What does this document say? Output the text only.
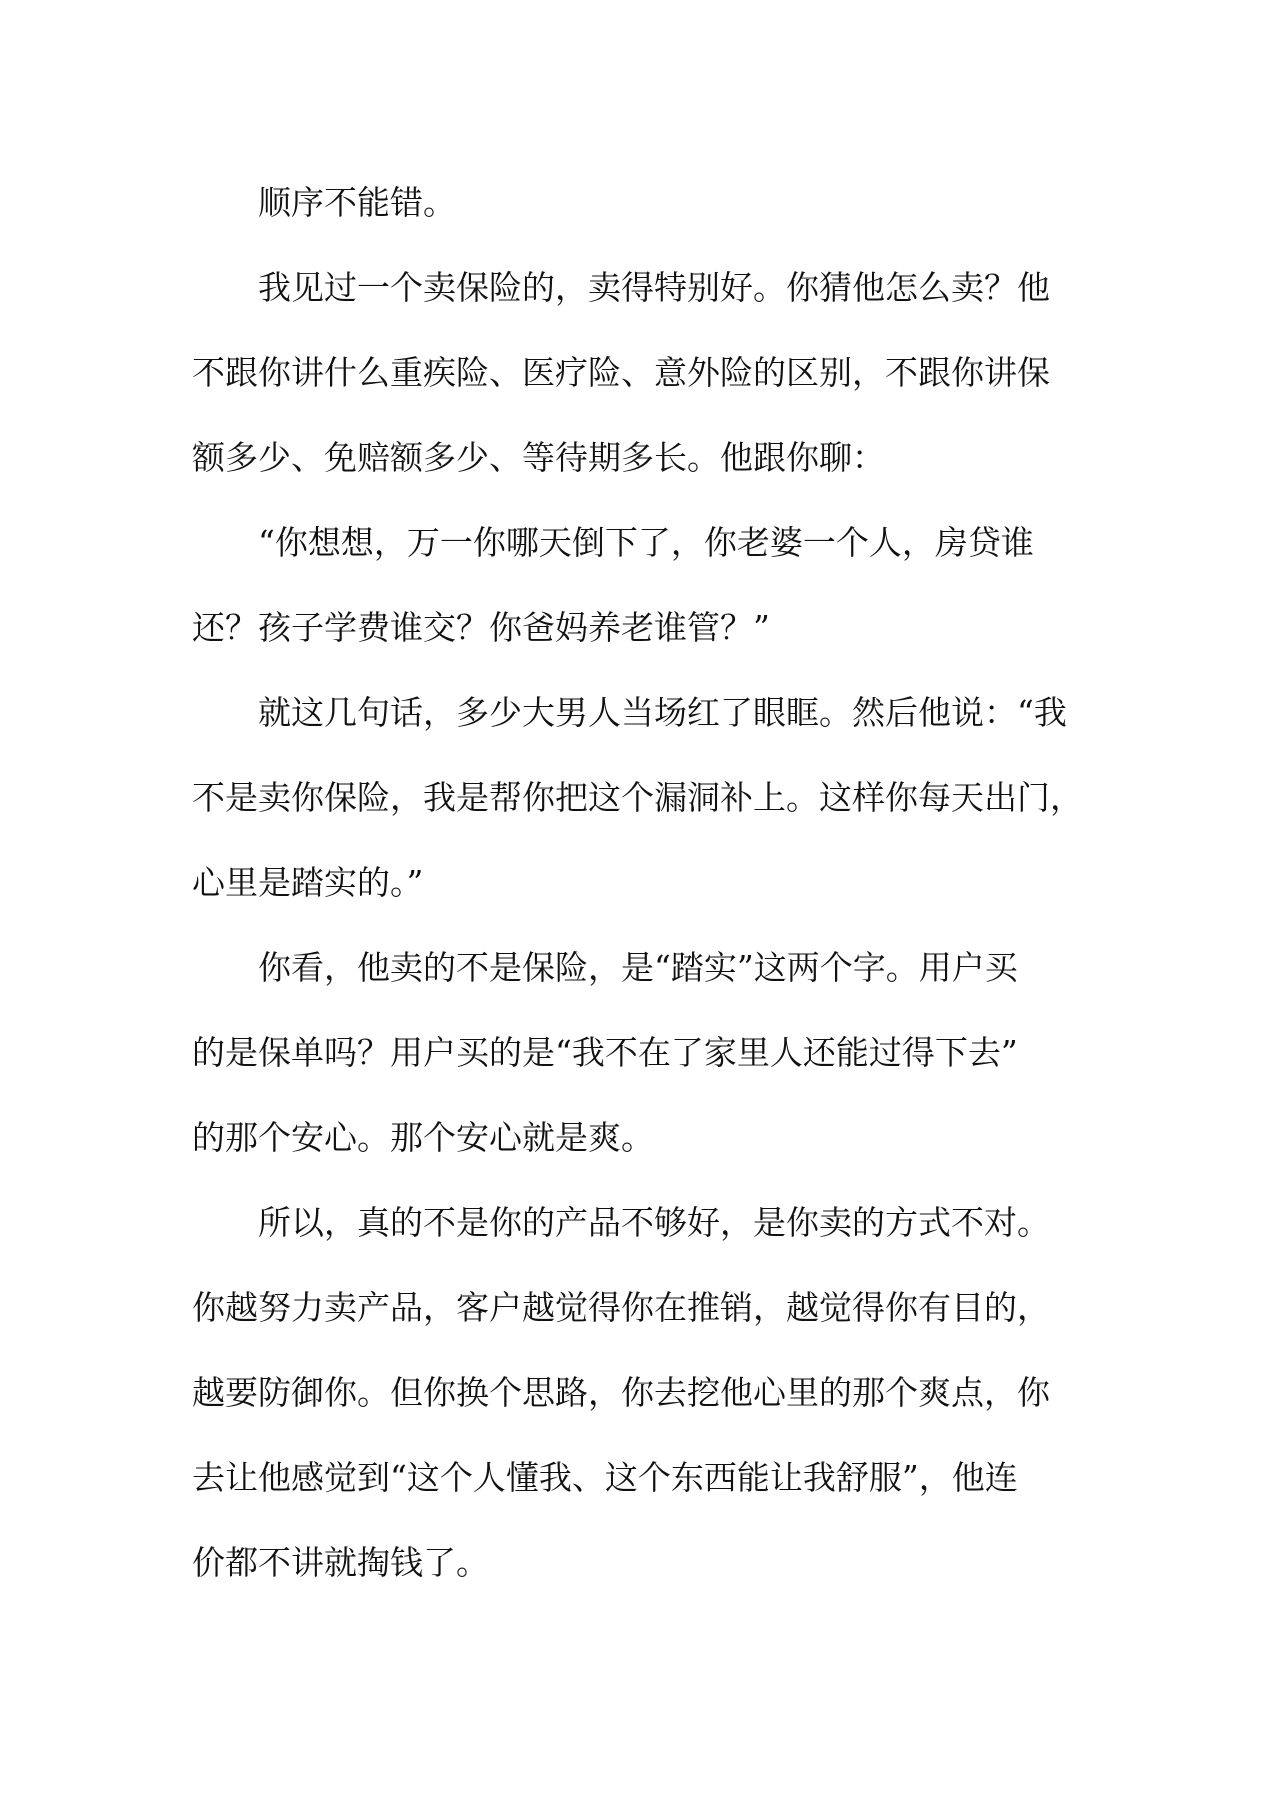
顺序不能错。

我见过一个卖保险的，卖得特别好。你猜他怎么卖？他
不跟你讲什么重疾险、医疗险、意外险的区别，不跟你讲保
额多少、免赔额多少、等待期多长。他跟你聊：

“你想想，万一你哪天倒下了，你老婆一个人，房贷谁
还？孩子学费谁交？你爸妈养老谁管？”

就这几句话，多少大男人当场红了眼眶。然后他说：“我
不是卖你保险，我是帮你把这个漏洞补上。这样你每天出门，
心里是踏实的。”

你看，他卖的不是保险，是“踏实”这两个字。用户买
的是保单吗？用户买的是“我不在了家里人还能过得下去”
的那个安心。那个安心就是爽。

所以，真的不是你的产品不够好，是你卖的方式不对。
你越努力卖产品，客户越觉得你在推销，越觉得你有目的，
越要防御你。但你换个思路，你去挖他心里的那个爽点，你
去让他感觉到“这个人懂我、这个东西能让我舒服”，他连
价都不讲就掏钱了。
